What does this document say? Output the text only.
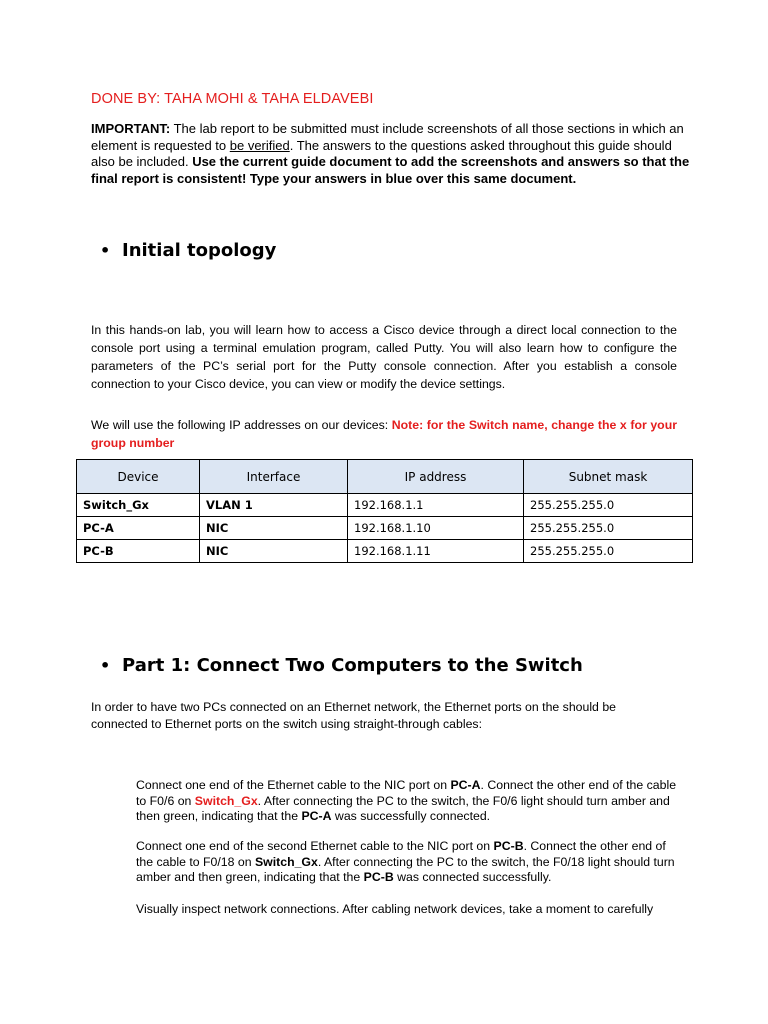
DONE BY: TAHA MOHI & TAHA ELDAVEBI
IMPORTANT: The lab report to be submitted must include screenshots of all those sections in which an element is requested to be verified. The answers to the questions asked throughout this guide should also be included. Use the current guide document to add the screenshots and answers so that the final report is consistent! Type your answers in blue over this same document.
• Initial topology
In this hands-on lab, you will learn how to access a Cisco device through a direct local connection to the console port using a terminal emulation program, called Putty. You will also learn how to configure the parameters of the PC’s serial port for the Putty console connection. After you establish a console connection to your Cisco device, you can view or modify the device settings.
We will use the following IP addresses on our devices: Note: for the Switch name, change the x for your group number
Device	Interface	IP address	Subnet mask
Switch_Gx	VLAN 1	192.168.1.1	255.255.255.0
PC-A	NIC	192.168.1.10	255.255.255.0
PC-B	NIC	192.168.1.11	255.255.255.0
• Part 1: Connect Two Computers to the Switch
In order to have two PCs connected on an Ethernet network, the Ethernet ports on the should be connected to Ethernet ports on the switch using straight-through cables:
Connect one end of the Ethernet cable to the NIC port on PC-A. Connect the other end of the cable to F0/6 on Switch_Gx. After connecting the PC to the switch, the F0/6 light should turn amber and then green, indicating that the PC-A was successfully connected.
Connect one end of the second Ethernet cable to the NIC port on PC-B. Connect the other end of the cable to F0/18 on Switch_Gx. After connecting the PC to the switch, the F0/18 light should turn amber and then green, indicating that the PC-B was connected successfully.
Visually inspect network connections. After cabling network devices, take a moment to carefully
